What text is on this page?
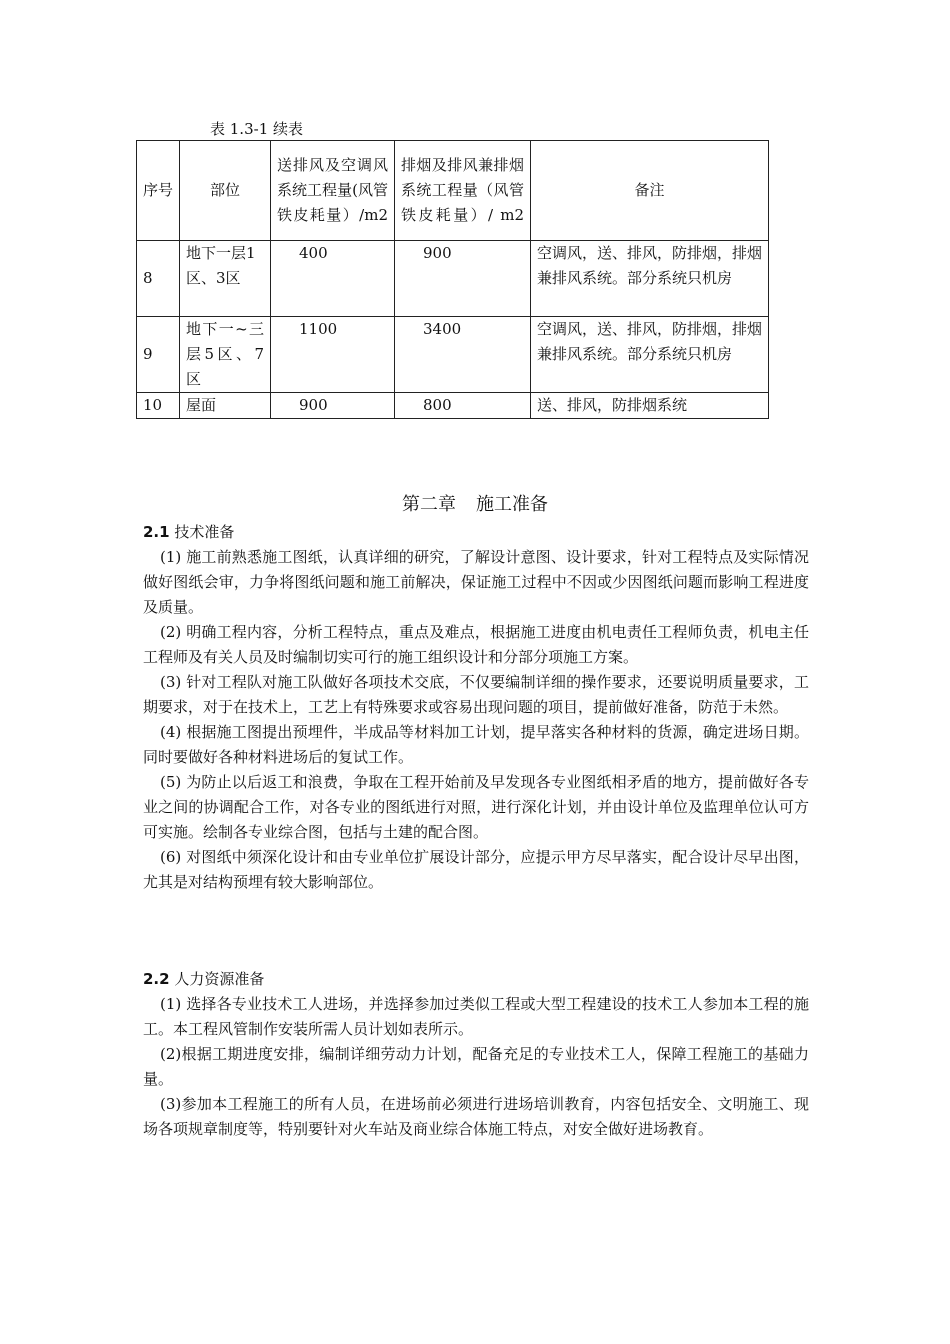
表 1.3-1 续表
序号	部位	送排风及空调风系统工程量(风管铁皮耗量）/m2	排烟及排风兼排烟系统工程量（风管铁皮耗量）/ m2	备注
8	地下一层1区、3区	400	900	空调风，送、排风，防排烟，排烟兼排风系统。部分系统只机房
9	地下一~三层5区、7区	1100	3400	空调风，送、排风，防排烟，排烟兼排风系统。部分系统只机房
10	屋面	900	800	送、排风，防排烟系统
第二章 施工准备
2.1 技术准备

(1) 施工前熟悉施工图纸，认真详细的研究，了解设计意图、设计要求，针对工程特点及实际情况做好图纸会审，力争将图纸问题和施工前解决，保证施工过程中不因或少因图纸问题而影响工程进度及质量。

(2) 明确工程内容，分析工程特点，重点及难点，根据施工进度由机电责任工程师负责，机电主任工程师及有关人员及时编制切实可行的施工组织设计和分部分项施工方案。

(3) 针对工程队对施工队做好各项技术交底，不仅要编制详细的操作要求，还要说明质量要求，工期要求，对于在技术上，工艺上有特殊要求或容易出现问题的项目，提前做好准备，防范于未然。

(4) 根据施工图提出预埋件，半成品等材料加工计划，提早落实各种材料的货源，确定进场日期。同时要做好各种材料进场后的复试工作。

(5) 为防止以后返工和浪费，争取在工程开始前及早发现各专业图纸相矛盾的地方，提前做好各专业之间的协调配合工作，对各专业的图纸进行对照，进行深化计划，并由设计单位及监理单位认可方可实施。绘制各专业综合图，包括与土建的配合图。

(6) 对图纸中须深化设计和由专业单位扩展设计部分，应提示甲方尽早落实，配合设计尽早出图，尤其是对结构预埋有较大影响部位。

2.2 人力资源准备

(1) 选择各专业技术工人进场，并选择参加过类似工程或大型工程建设的技术工人参加本工程的施工。本工程风管制作安装所需人员计划如表所示。

(2)根据工期进度安排，编制详细劳动力计划，配备充足的专业技术工人，保障工程施工的基础力量。

(3)参加本工程施工的所有人员，在进场前必须进行进场培训教育，内容包括安全、文明施工、现场各项规章制度等，特别要针对火车站及商业综合体施工特点，对安全做好进场教育。
